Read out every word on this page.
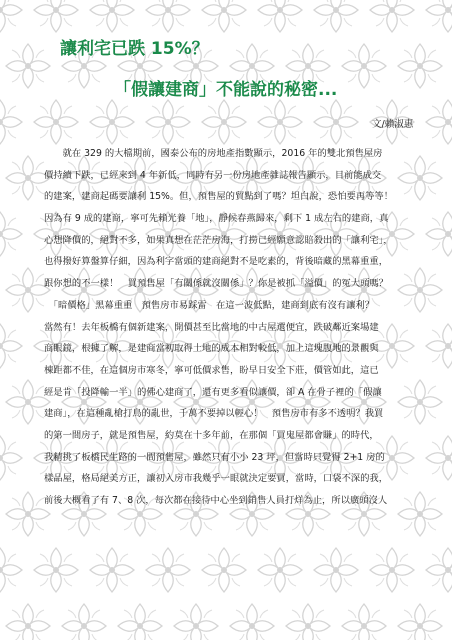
讓利宅已跌 15%？
「假讓建商」不能說的秘密...
文/賴淑惠
　　就在 329 的大檔期前，國泰公布的房地產指數顯示，2016 年的雙北預售屋房
價持續下跌，已經來到 4 年新低，同時有另一份房地產雜誌報告顯示，目前能成交
的建案，建商起碼要讓利 15%。但，預售屋的貿點到了嗎？坦白說，恐怕要再等等！
因為有 9 成的建商，寧可先賴光養「地」，靜候春燕歸來，剩下 1 成左右的建商，真
心想降價的，絕對不多，如果真想在茫茫房海，打撈已經願意認賠殺出的「讓利宅」，
也得撥好算盤算仔細，因為利字當頭的建商絕對不是吃素的，背後暗藏的黑幕重重，
跟你想的不一樣！　買預售屋「有關係就沒關係」？你是被抓「溢價」的冤大頭嗎？
　「暗價格」黑幕重重　預售房市易踩雷　在這一波低點，建商到底有沒有讓利？
當然有！去年板橋有個新建案，開價甚至比當地的中古屋還便宜，跌破鄰近案場建
商眼鏡，根據了解，是建商當初取得土地的成本相對較低，加上這塊腹地的景觀與
棟距都不佳，在這個房市寒冬，寧可低價求售，盼早日安全下莊，價管如此，這已
經是肯「投降輸一半」的佛心建商了，還有更多看似讓價，卻 A 在骨子裡的「假讓
建商」，在這種亂槍打鳥的亂世，千萬不要掉以輕心！　預售房市有多不透明？我買
的第一間房子，就是預售屋，約莫在十多年前，在那個「買鬼屋都會賺」的時代，
我精挑了板橋民生路的一間預售屋，雖然只有小小 23 坪，但當時只覺得 2+1 房的
樣品屋，格局絕美方正，讓初入房市我幾乎一眼就決定要買，當時，口袋不深的我，
前後大概看了有 7、8 次，每次都在接待中心坐到銷售人員打烊為止，所以廣頭沒人
